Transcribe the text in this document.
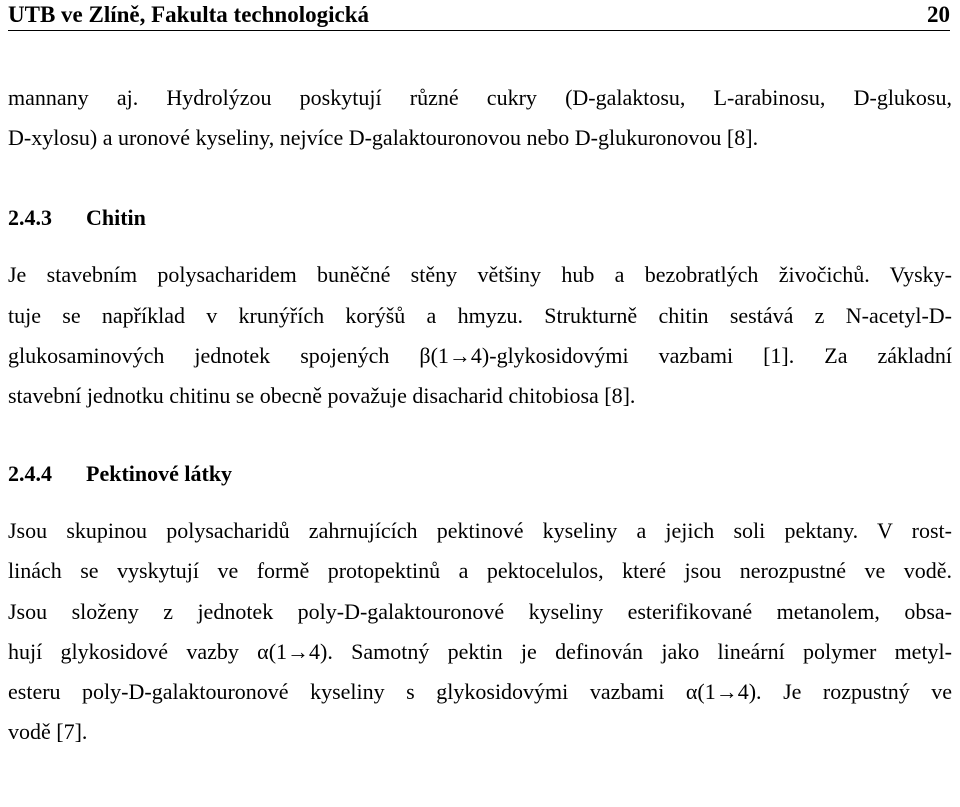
UTB ve Zlíně, Fakulta technologická	20
mannany aj. Hydrolýzou poskytují různé cukry (D-galaktosu, L-arabinosu, D-glukosu,
D-xylosu) a uronové kyseliny, nejvíce D-galaktouronovou nebo D-glukuronovou [8].
2.4.3	Chitin
Je stavebním polysacharidem buněčné stěny většiny hub a bezobratlých živočichů. Vysky-
tuje se například v krunýřích korýšů a hmyzu. Strukturně chitin sestává z N-acetyl-D-
glukosaminových jednotek spojených β(1→4)-glykosidovými vazbami [1]. Za základní
stavební jednotku chitinu se obecně považuje disacharid chitobiosa [8].
2.4.4	Pektinové látky
Jsou skupinou polysacharidů zahrnujících pektinové kyseliny a jejich soli pektany. V rost-
linách se vyskytují ve formě protopektinů a pektocelulos, které jsou nerozpustné ve vodě.
Jsou složeny z jednotek poly-D-galaktouronové kyseliny esterifikované metanolem, obsa-
hují glykosidové vazby α(1→4). Samotný pektin je definován jako lineární polymer metyl-
esteru poly-D-galaktouronové kyseliny s glykosidovými vazbami α(1→4). Je rozpustný ve
vodě [7].
